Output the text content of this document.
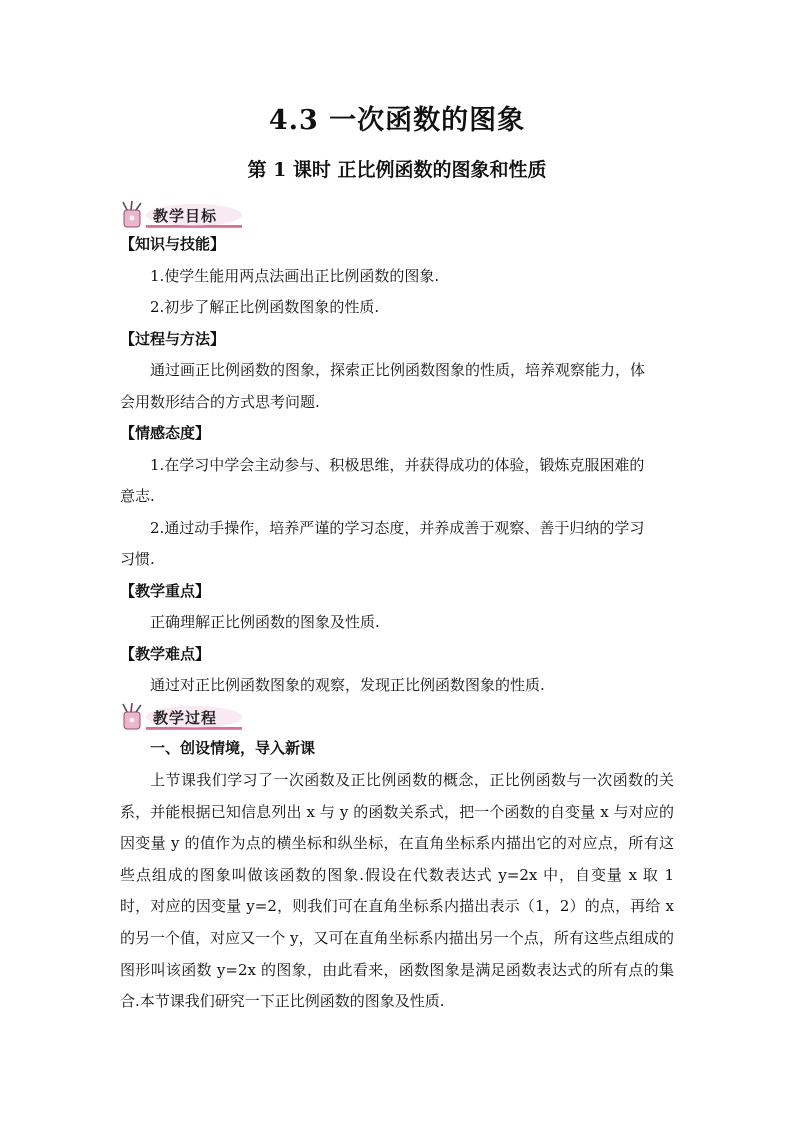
4.3 一次函数的图象
第 1 课时 正比例函数的图象和性质
教学目标
【知识与技能】
1.使学生能用两点法画出正比例函数的图象.
2.初步了解正比例函数图象的性质.
【过程与方法】
通过画正比例函数的图象，探索正比例函数图象的性质，培养观察能力，体
会用数形结合的方式思考问题.
【情感态度】
1.在学习中学会主动参与、积极思维，并获得成功的体验，锻炼克服困难的
意志.
2.通过动手操作，培养严谨的学习态度，并养成善于观察、善于归纳的学习
习惯.
【教学重点】
正确理解正比例函数的图象及性质.
【教学难点】
通过对正比例函数图象的观察，发现正比例函数图象的性质.
教学过程
一、创设情境，导入新课
上节课我们学习了一次函数及正比例函数的概念，正比例函数与一次函数的关系，并能根据已知信息列出 x 与 y 的函数关系式，把一个函数的自变量 x 与对应的因变量 y 的值作为点的横坐标和纵坐标，在直角坐标系内描出它的对应点，所有这些点组成的图象叫做该函数的图象.假设在代数表达式 y=2x 中，自变量 x 取 1 时，对应的因变量 y=2，则我们可在直角坐标系内描出表示（1，2）的点，再给 x 的另一个值，对应又一个 y，又可在直角坐标系内描出另一个点，所有这些点组成的图形叫该函数 y=2x 的图象，由此看来，函数图象是满足函数表达式的所有点的集合.本节课我们研究一下正比例函数的图象及性质.
